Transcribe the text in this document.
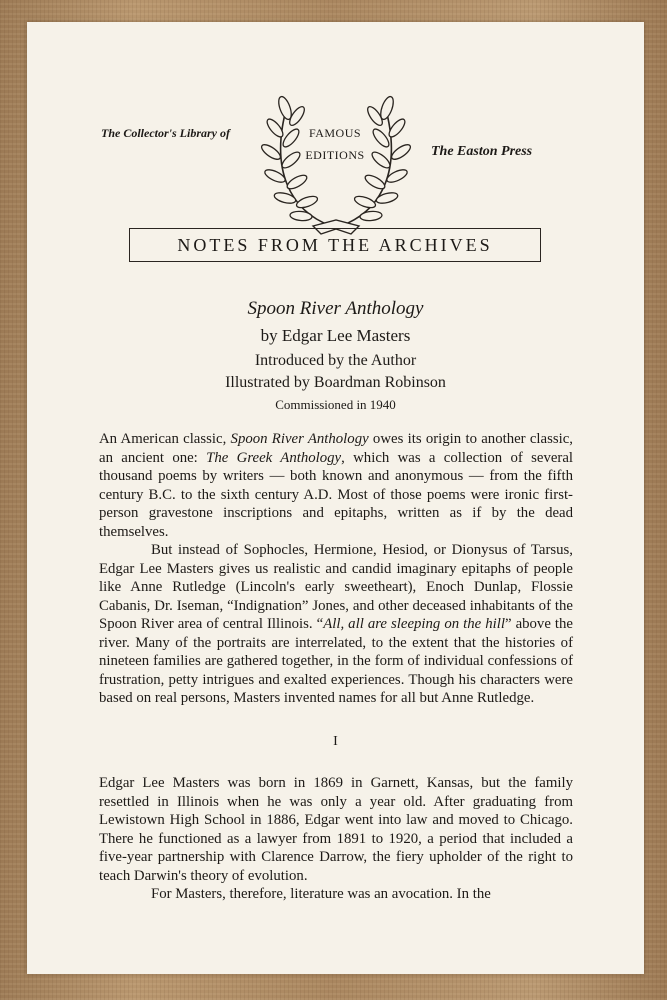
The Collector's Library of	FAMOUS
EDITIONS	The Easton Press
NOTES FROM THE ARCHIVES
Spoon River Anthology
by Edgar Lee Masters
Introduced by the Author
Illustrated by Boardman Robinson
Commissioned in 1940

An American classic, Spoon River Anthology owes its origin to another classic, an ancient one: The Greek Anthology, which was a collection of several thousand poems by writers — both known and anonymous — from the fifth century B.C. to the sixth century A.D. Most of those poems were ironic first-person gravestone inscriptions and epitaphs, written as if by the dead themselves.

But instead of Sophocles, Hermione, Hesiod, or Dionysus of Tarsus, Edgar Lee Masters gives us realistic and candid imaginary epitaphs of people like Anne Rutledge (Lincoln's early sweetheart), Enoch Dunlap, Flossie Cabanis, Dr. Iseman, “Indignation” Jones, and other deceased inhabitants of the Spoon River area of central Illinois. “All, all are sleeping on the hill” above the river. Many of the portraits are interrelated, to the extent that the histories of nineteen families are gathered together, in the form of individual confessions of frustration, petty intrigues and exalted experiences. Though his characters were based on real persons, Masters invented names for all but Anne Rutledge.

I

Edgar Lee Masters was born in 1869 in Garnett, Kansas, but the family resettled in Illinois when he was only a year old. After graduating from Lewistown High School in 1886, Edgar went into law and moved to Chicago. There he functioned as a lawyer from 1891 to 1920, a period that included a five-year partnership with Clarence Darrow, the fiery upholder of the right to teach Darwin's theory of evolution.

For Masters, therefore, literature was an avocation. In the
